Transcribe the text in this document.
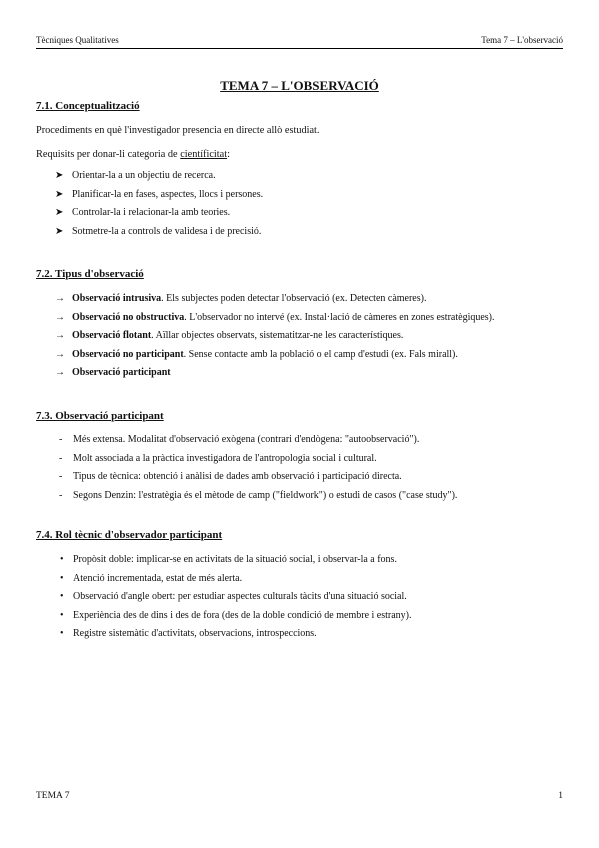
Tècniques Qualitatives	Tema 7 – L'observació
TEMA 7 – L'OBSERVACIÓ
7.1. Conceptualització
Procediments en què l'investigador presencia en directe allò estudiat.
Requisits per donar-li categoria de científicitat:
➤ Orientar-la a un objectiu de recerca.
➤ Planificar-la en fases, aspectes, llocs i persones.
➤ Controlar-la i relacionar-la amb teories.
➤ Sotmetre-la a controls de validesa i de precisió.
7.2. Tipus d'observació
→ Observació intrusiva. Els subjectes poden detectar l'observació (ex. Detecten càmeres).
→ Observació no obstructiva. L'observador no intervé (ex. Instal·lació de càmeres en zones estratègiques).
→ Observació flotant. Aïllar objectes observats, sistematitzar-ne les característiques.
→ Observació no participant. Sense contacte amb la població o el camp d'estudi (ex. Fals mirall).
→ Observació participant
7.3. Observació participant
- Més extensa. Modalitat d'observació exògena (contrari d'endògena: "autoobservació").
- Molt associada a la pràctica investigadora de l'antropologia social i cultural.
- Tipus de tècnica: obtenció i anàlisi de dades amb observació i participació directa.
- Segons Denzin: l'estratègia és el mètode de camp ("fieldwork") o estudi de casos ("case study").
7.4. Rol tècnic d'observador participant
• Propòsit doble: implicar-se en activitats de la situació social, i observar-la a fons.
• Atenció incrementada, estat de més alerta.
• Observació d'angle obert: per estudiar aspectes culturals tàcits d'una situació social.
• Experiència des de dins i des de fora (des de la doble condició de membre i estrany).
• Registre sistemàtic d'activitats, observacions, introspeccions.
TEMA 7	1
